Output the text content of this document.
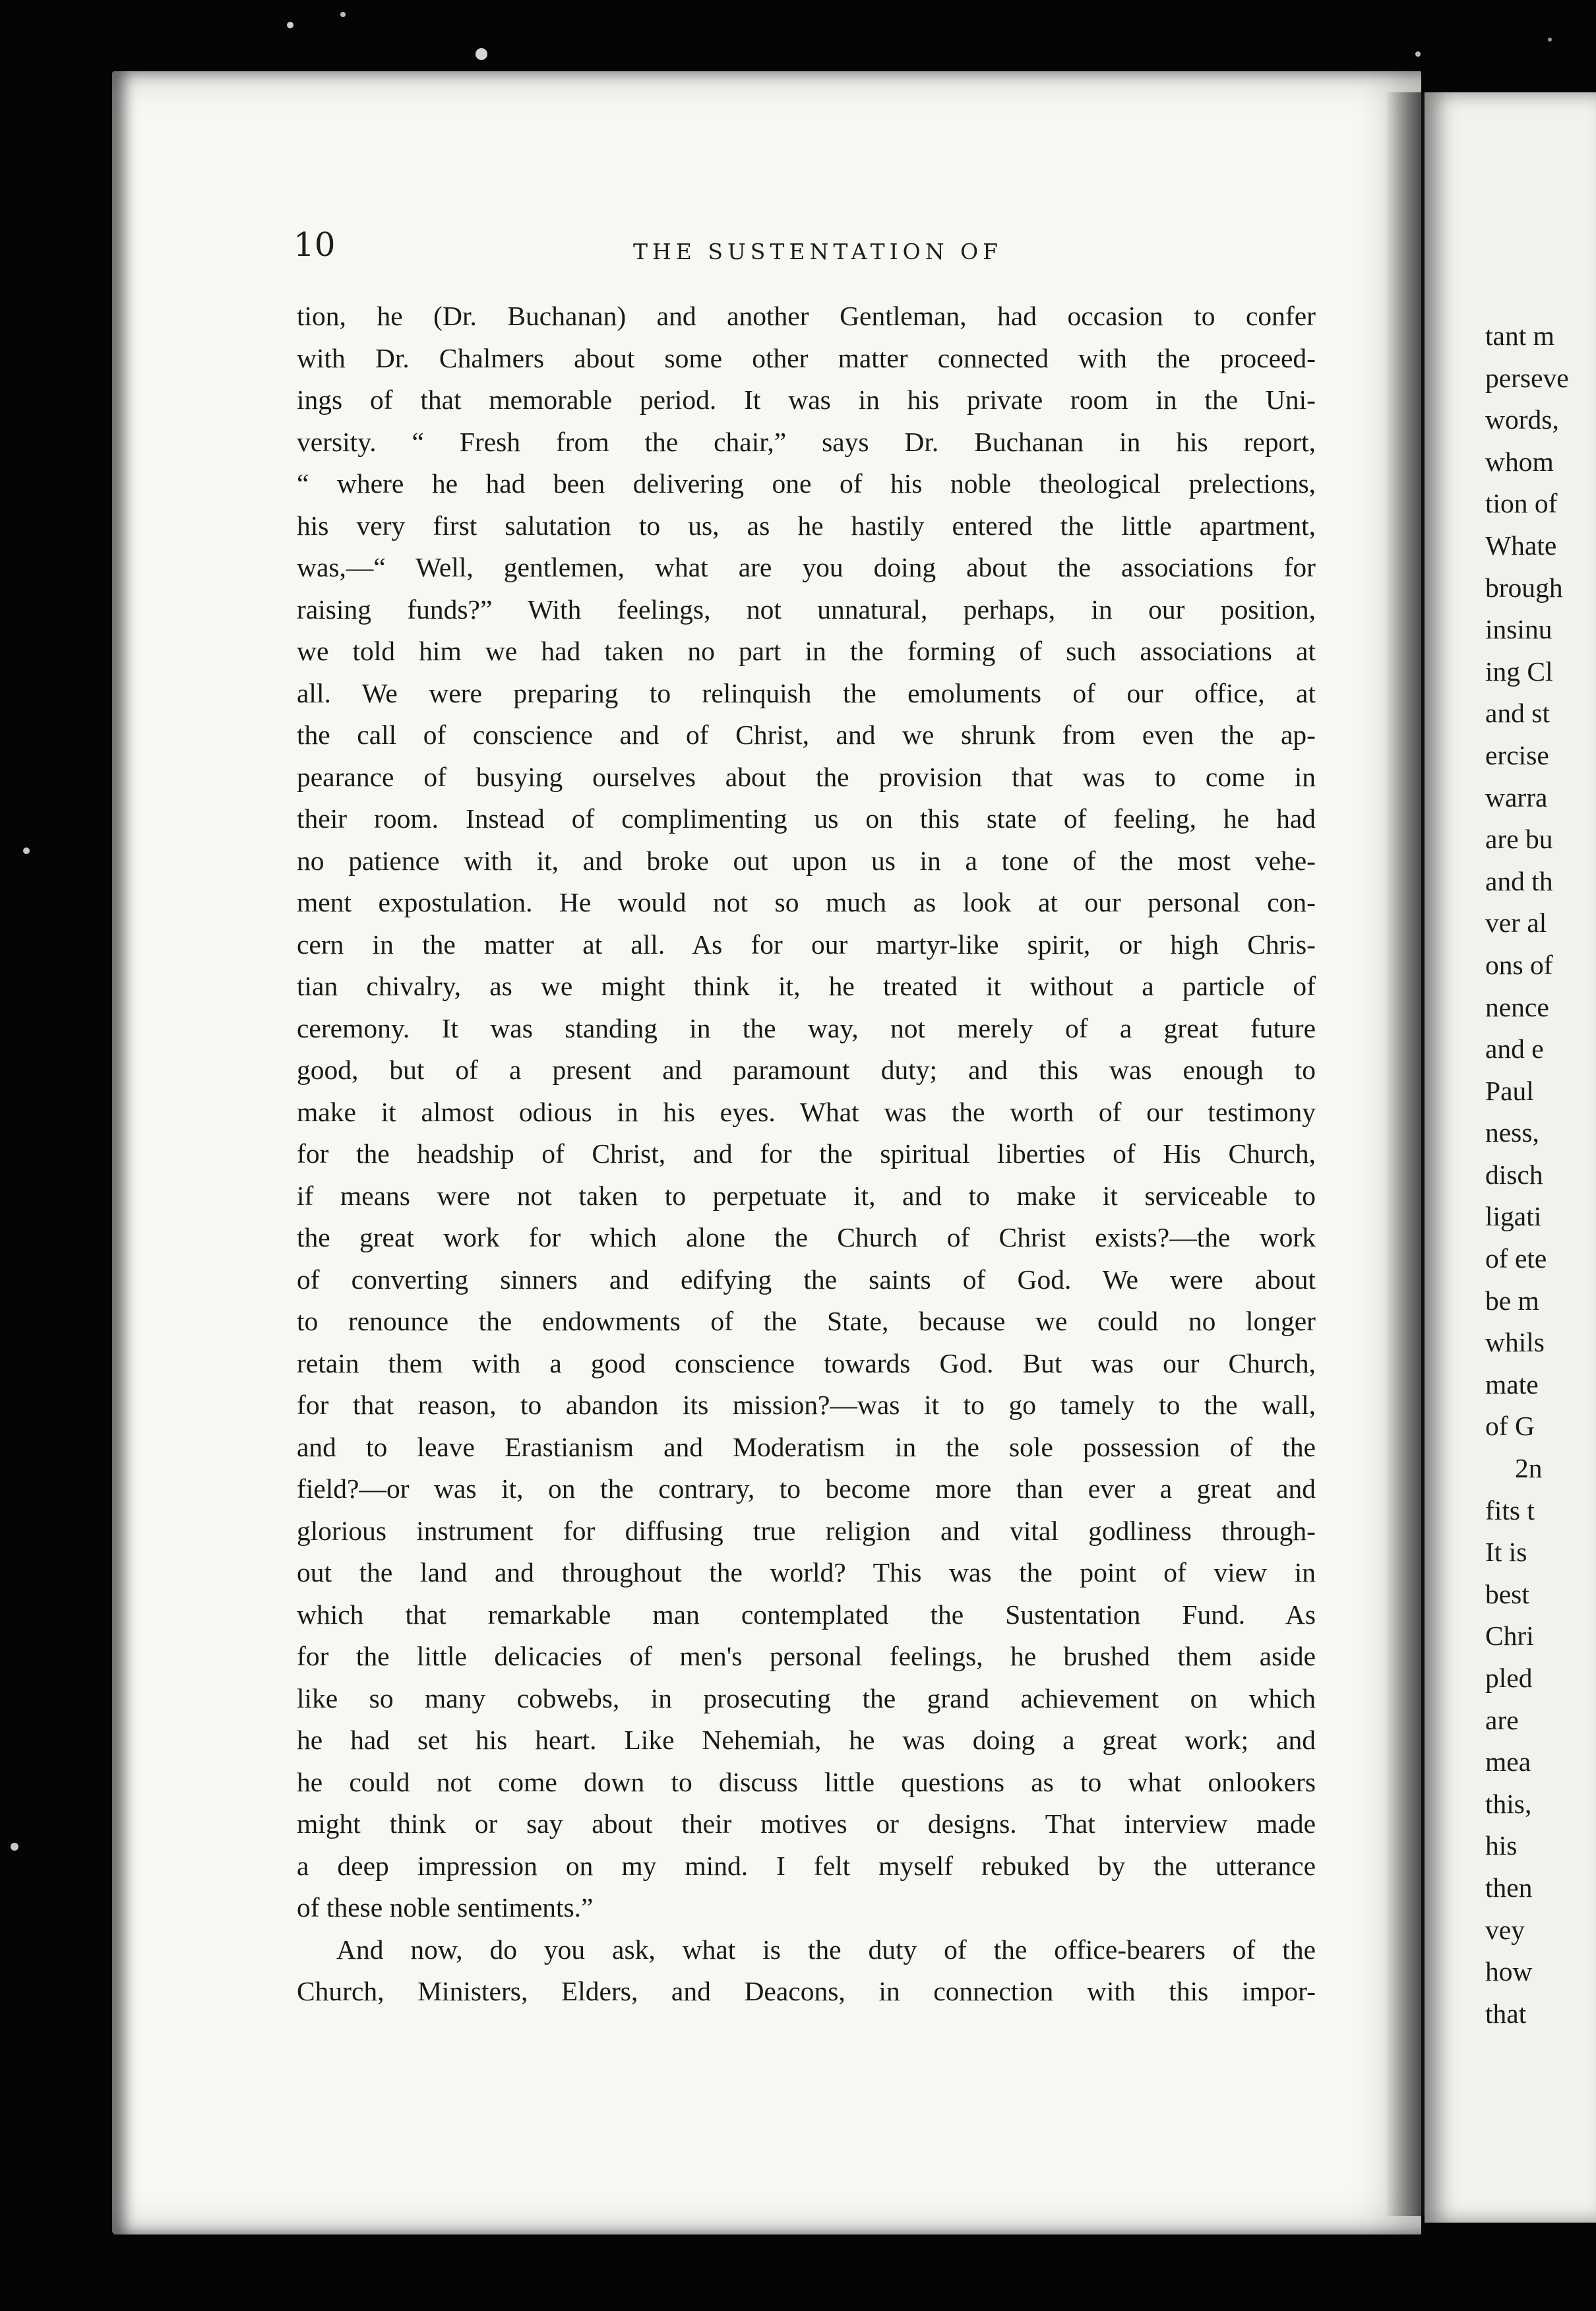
10	THE SUSTENTATION OF
tion, he (Dr. Buchanan) and another Gentleman, had occasion to confer
with Dr. Chalmers about some other matter connected with the proceed-
ings of that memorable period. It was in his private room in the Uni-
versity. “ Fresh from the chair,” says Dr. Buchanan in his report,
“ where he had been delivering one of his noble theological prelections,
his very first salutation to us, as he hastily entered the little apartment,
was,—“ Well, gentlemen, what are you doing about the associations for
raising funds?” With feelings, not unnatural, perhaps, in our position,
we told him we had taken no part in the forming of such associations at
all. We were preparing to relinquish the emoluments of our office, at
the call of conscience and of Christ, and we shrunk from even the ap-
pearance of busying ourselves about the provision that was to come in
their room. Instead of complimenting us on this state of feeling, he had
no patience with it, and broke out upon us in a tone of the most vehe-
ment expostulation. He would not so much as look at our personal con-
cern in the matter at all. As for our martyr-like spirit, or high Chris-
tian chivalry, as we might think it, he treated it without a particle of
ceremony. It was standing in the way, not merely of a great future
good, but of a present and paramount duty; and this was enough to
make it almost odious in his eyes. What was the worth of our testimony
for the headship of Christ, and for the spiritual liberties of His Church,
if means were not taken to perpetuate it, and to make it serviceable to
the great work for which alone the Church of Christ exists?—the work
of converting sinners and edifying the saints of God. We were about
to renounce the endowments of the State, because we could no longer
retain them with a good conscience towards God. But was our Church,
for that reason, to abandon its mission?—was it to go tamely to the wall,
and to leave Erastianism and Moderatism in the sole possession of the
field?—or was it, on the contrary, to become more than ever a great and
glorious instrument for diffusing true religion and vital godliness through-
out the land and throughout the world? This was the point of view in
which that remarkable man contemplated the Sustentation Fund. As
for the little delicacies of men's personal feelings, he brushed them aside
like so many cobwebs, in prosecuting the grand achievement on which
he had set his heart. Like Nehemiah, he was doing a great work; and
he could not come down to discuss little questions as to what onlookers
might think or say about their motives or designs. That interview made
a deep impression on my mind. I felt myself rebuked by the utterance
of these noble sentiments.”
And now, do you ask, what is the duty of the office-bearers of the
Church, Ministers, Elders, and Deacons, in connection with this impor-
tant m
perseve
words,
whom
tion of
Whate
brough
insinu
ing Cl
and st
ercise
warra
are bu
and th
ver al
ons of
nence
and e
Paul
ness,
disch
ligati
of ete
be m
whils
mate
of G
2n
fits t
It is
best
Chri
pled
are
mea
this,
his
then
vey
how
that
